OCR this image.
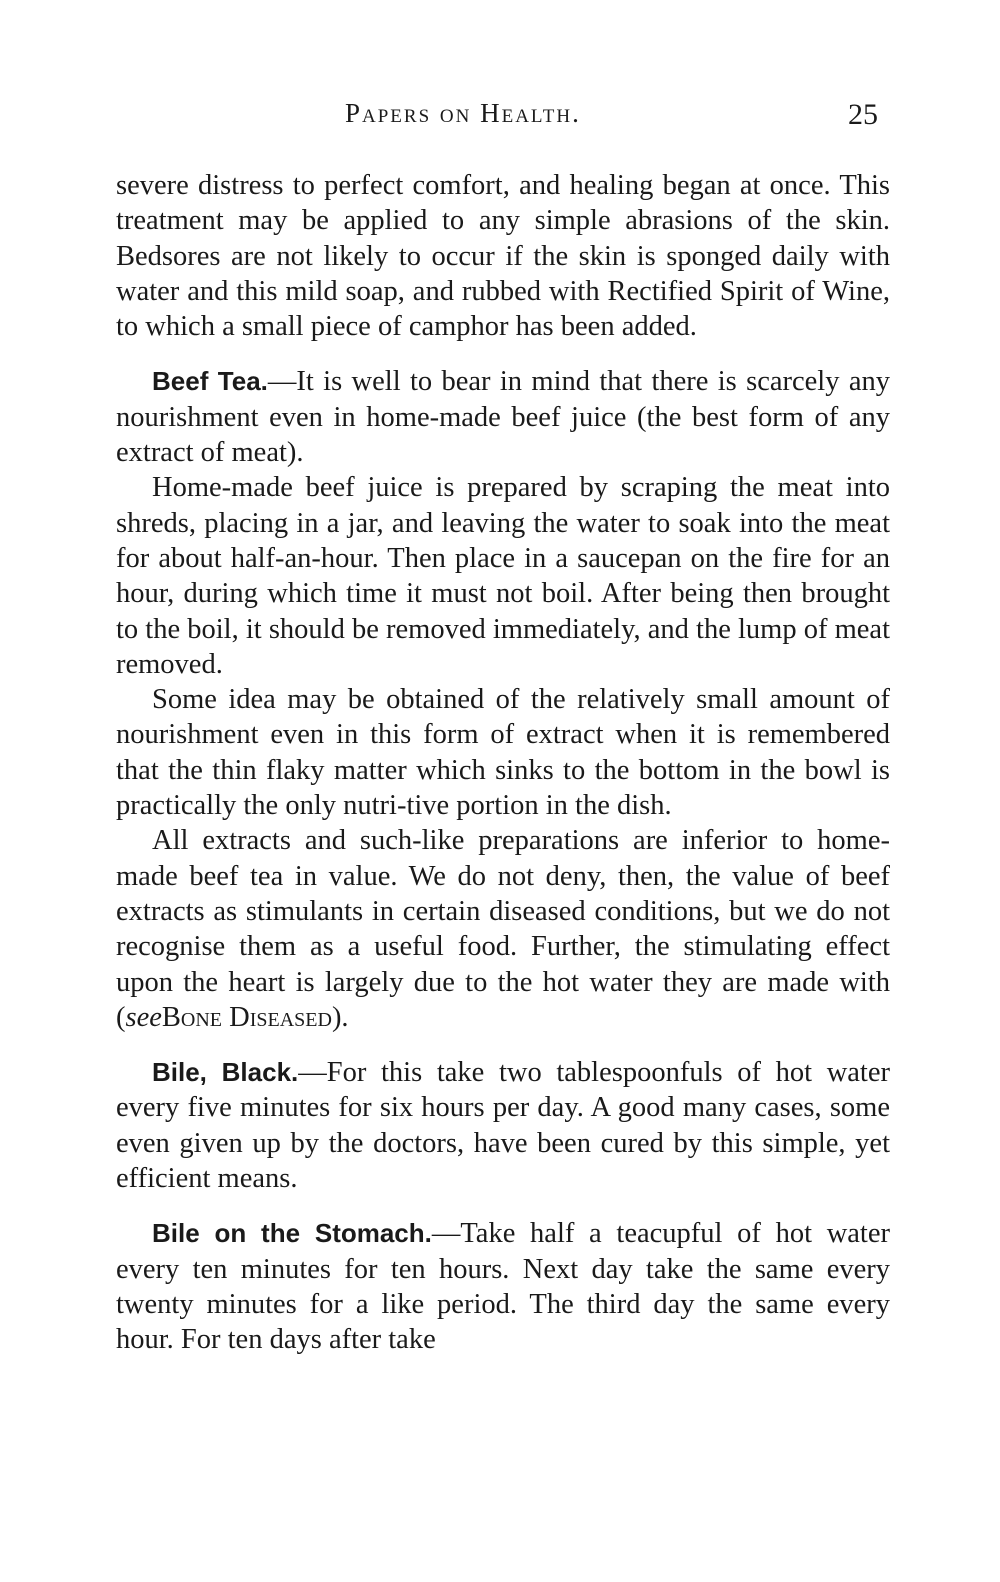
Papers on Health.	25

severe distress to perfect comfort, and healing began at once. This treatment may be applied to any simple abrasions of the skin. Bedsores are not likely to occur if the skin is sponged daily with water and this mild soap, and rubbed with Rectified Spirit of Wine, to which a small piece of camphor has been added.

Beef Tea.—It is well to bear in mind that there is scarcely any nourishment even in home-made beef juice (the best form of any extract of meat).

Home-made beef juice is prepared by scraping the meat into shreds, placing in a jar, and leaving the water to soak into the meat for about half-an-hour. Then place in a saucepan on the fire for an hour, during which time it must not boil. After being then brought to the boil, it should be removed immediately, and the lump of meat removed.

Some idea may be obtained of the relatively small amount of nourishment even in this form of extract when it is remembered that the thin flaky matter which sinks to the bottom in the bowl is practically the only nutri-tive portion in the dish.

All extracts and such-like preparations are inferior to home-made beef tea in value. We do not deny, then, the value of beef extracts as stimulants in certain diseased conditions, but we do not recognise them as a useful food. Further, the stimulating effect upon the heart is largely due to the hot water they are made with (seeBone Diseased).

Bile, Black.—For this take two tablespoonfuls of hot water every five minutes for six hours per day. A good many cases, some even given up by the doctors, have been cured by this simple, yet efficient means.

Bile on the Stomach.—Take half a teacupful of hot water every ten minutes for ten hours. Next day take the same every twenty minutes for a like period. The third day the same every hour. For ten days after take
